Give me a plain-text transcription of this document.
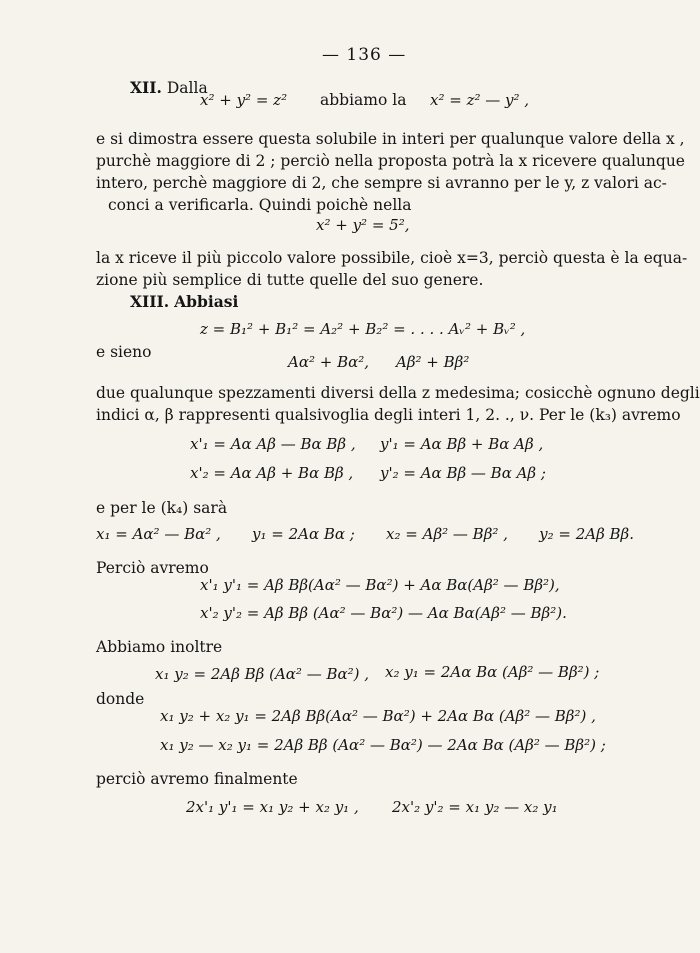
— 136 —
XII. Dalla
x² + y² = z² abbiamo la x² = z² — y² ,
e si dimostra essere questa solubile in interi per qualunque valore della x ,
purchè maggiore di 2 ; perciò nella proposta potrà la x ricevere qualunque
intero, perchè maggiore di 2, che sempre si avranno per le y, z valori ac-
conci a verificarla. Quindi poichè nella
x² + y² = 5²,
la x riceve il più piccolo valore possibile, cioè x=3, perciò questa è la equa-
zione più semplice di tutte quelle del suo genere.
XIII. Abbiasi
z = B₁² + B₁² = A₂² + B₂² = . . . . Aᵥ² + Bᵥ² ,
e sieno
Aα² + Bα², Aβ² + Bβ²
due qualunque spezzamenti diversi della z medesima; cosicchè ognuno degli
indici α, β rappresenti qualsivoglia degli interi 1, 2. ., ν. Per le (k₃) avremo
x'₁ = Aα Aβ — Bα Bβ , y'₁ = Aα Bβ + Bα Aβ ,
x'₂ = Aα Aβ + Bα Bβ , y'₂ = Aα Bβ — Bα Aβ ;
e per le (k₄) sarà
x₁ = Aα² — Bα² , y₁ = 2Aα Bα ; x₂ = Aβ² — Bβ² , y₂ = 2Aβ Bβ.
Perciò avremo
x'₁ y'₁ = Aβ Bβ(Aα² — Bα²) + Aα Bα(Aβ² — Bβ²),
x'₂ y'₂ = Aβ Bβ (Aα² — Bα²) — Aα Bα(Aβ² — Bβ²).
Abbiamo inoltre
x₁ y₂ = 2Aβ Bβ (Aα² — Bα²) , x₂ y₁ = 2Aα Bα (Aβ² — Bβ²) ;
donde
x₁ y₂ + x₂ y₁ = 2Aβ Bβ(Aα² — Bα²) + 2Aα Bα (Aβ² — Bβ²) ,
x₁ y₂ — x₂ y₁ = 2Aβ Bβ (Aα² — Bα²) — 2Aα Bα (Aβ² — Bβ²) ;
perciò avremo finalmente
2x'₁ y'₁ = x₁ y₂ + x₂ y₁ , 2x'₂ y'₂ = x₁ y₂ — x₂ y₁
